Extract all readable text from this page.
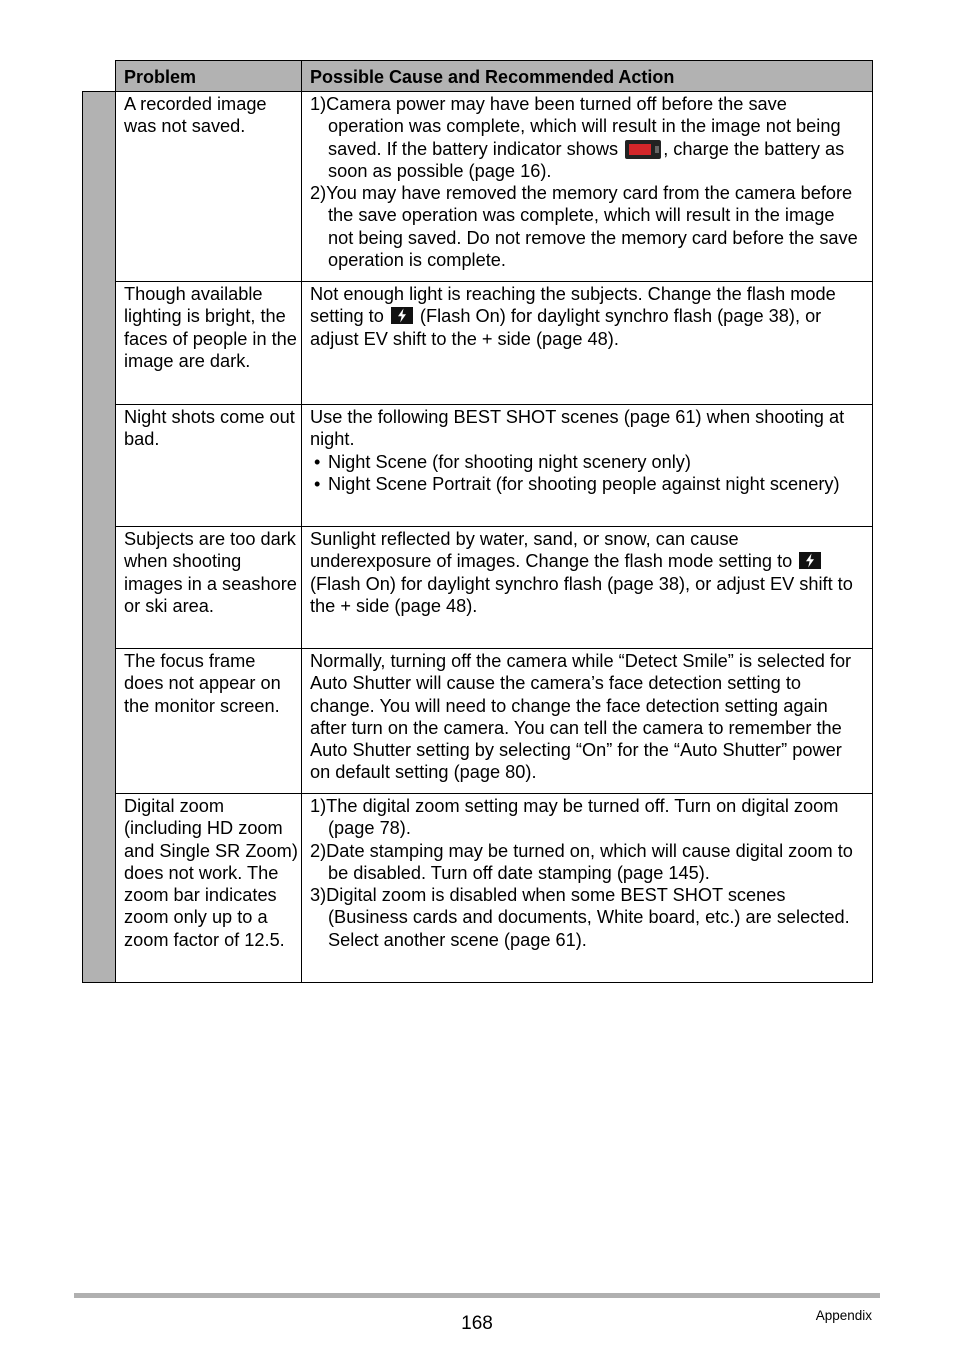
	Problem	Possible Cause and Recommended Action
	A recorded image was not saved.	1)Camera power may have been turned off before the save operation was complete, which will result in the image not being saved. If the battery indicator shows
, charge the battery as soon as possible (page 16).

2)You may have removed the memory card from the camera before the save operation was complete, which will result in the image not being saved. Do not remove the memory card before the save operation is complete.

	Though available lighting is bright, the faces of people in the image are dark.	Not enough light is reaching the subjects. Change the flash mode setting to
(Flash On) for daylight synchro flash (page 38), or adjust EV shift to the + side (page 48).

	Night shots come out bad.	Use the following BEST SHOT scenes (page 61) when shooting at night.

• Night Scene (for shooting night scenery only)

• Night Scene Portrait (for shooting people against night scenery)

	Subjects are too dark when shooting images in a seashore or ski area.	Sunlight reflected by water, sand, or snow, can cause underexposure of images. Change the flash mode setting to
(Flash On) for daylight synchro flash (page 38), or adjust EV shift to the + side (page 48).

	The focus frame does not appear on the monitor screen.	Normally, turning off the camera while “Detect Smile” is selected for Auto Shutter will cause the camera’s face detection setting to change. You will need to change the face detection setting again after turn on the camera. You can tell the camera to remember the Auto Shutter setting by selecting “On” for the “Auto Shutter” power on default setting (page 80).
	Digital zoom (including HD zoom and Single SR Zoom) does not work. The zoom bar indicates zoom only up to a zoom factor of 12.5.	1)The digital zoom setting may be turned off. Turn on digital zoom (page 78).

2)Date stamping may be turned on, which will cause digital zoom to be disabled. Turn off date stamping (page 145).

3)Digital zoom is disabled when some BEST SHOT scenes (Business cards and documents, White board, etc.) are selected. Select another scene (page 61).

168	Appendix
